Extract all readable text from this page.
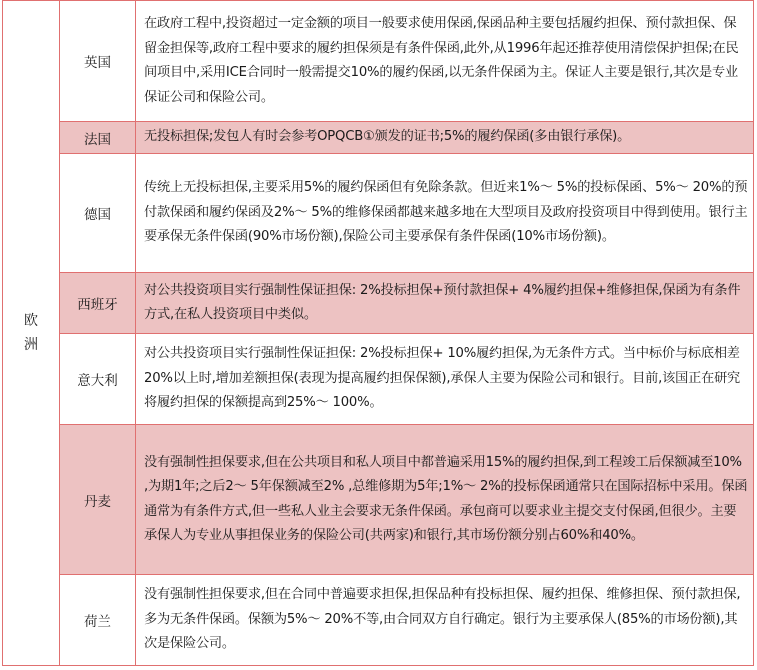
欧洲	英国	在政府工程中,投资超过一定金额的项目一般要求使用保函,保函品种主要包括履约担保、预付款担保、保留金担保等,政府工程中要求的履约担保须是有条件保函,此外,从1996年起还推荐使用清偿保护担保;在民间项目中,采用ICE合同时一般需提交10%的履约保函,以无条件保函为主。保证人主要是银行,其次是专业保证公司和保险公司。
	法国	无投标担保;发包人有时会参考OPQCB①颁发的证书;5%的履约保函(多由银行承保)。
	德国	传统上无投标担保,主要采用5%的履约保函但有免除条款。但近来1%～ 5%的投标保函、5%～ 20%的预付款保函和履约保函及2%～ 5%的维修保函都越来越多地在大型项目及政府投资项目中得到使用。银行主要承保无条件保函(90%市场份额),保险公司主要承保有条件保函(10%市场份额)。
	西班牙	对公共投资项目实行强制性保证担保: 2%投标担保+预付款担保+ 4%履约担保+维修担保,保函为有条件方式,在私人投资项目中类似。
	意大利	对公共投资项目实行强制性保证担保: 2%投标担保+ 10%履约担保,为无条件方式。当中标价与标底相差20%以上时,增加差额担保(表现为提高履约担保保额),承保人主要为保险公司和银行。目前,该国正在研究将履约担保的保额提高到25%～ 100%。
	丹麦	没有强制性担保要求,但在公共项目和私人项目中都普遍采用15%的履约担保,到工程竣工后保额减至10% ,为期1年;之后2～ 5年保额减至2% ,总维修期为5年;1%～ 2%的投标保函通常只在国际招标中采用。保函通常为有条件方式,但一些私人业主会要求无条件保函。承包商可以要求业主提交支付保函,但很少。主要承保人为专业从事担保业务的保险公司(共两家)和银行,其市场份额分别占60%和40%。
	荷兰	没有强制性担保要求,但在合同中普遍要求担保,担保品种有投标担保、履约担保、维修担保、预付款担保,多为无条件保函。保额为5%～ 20%不等,由合同双方自行确定。银行为主要承保人(85%的市场份额),其次是保险公司。
